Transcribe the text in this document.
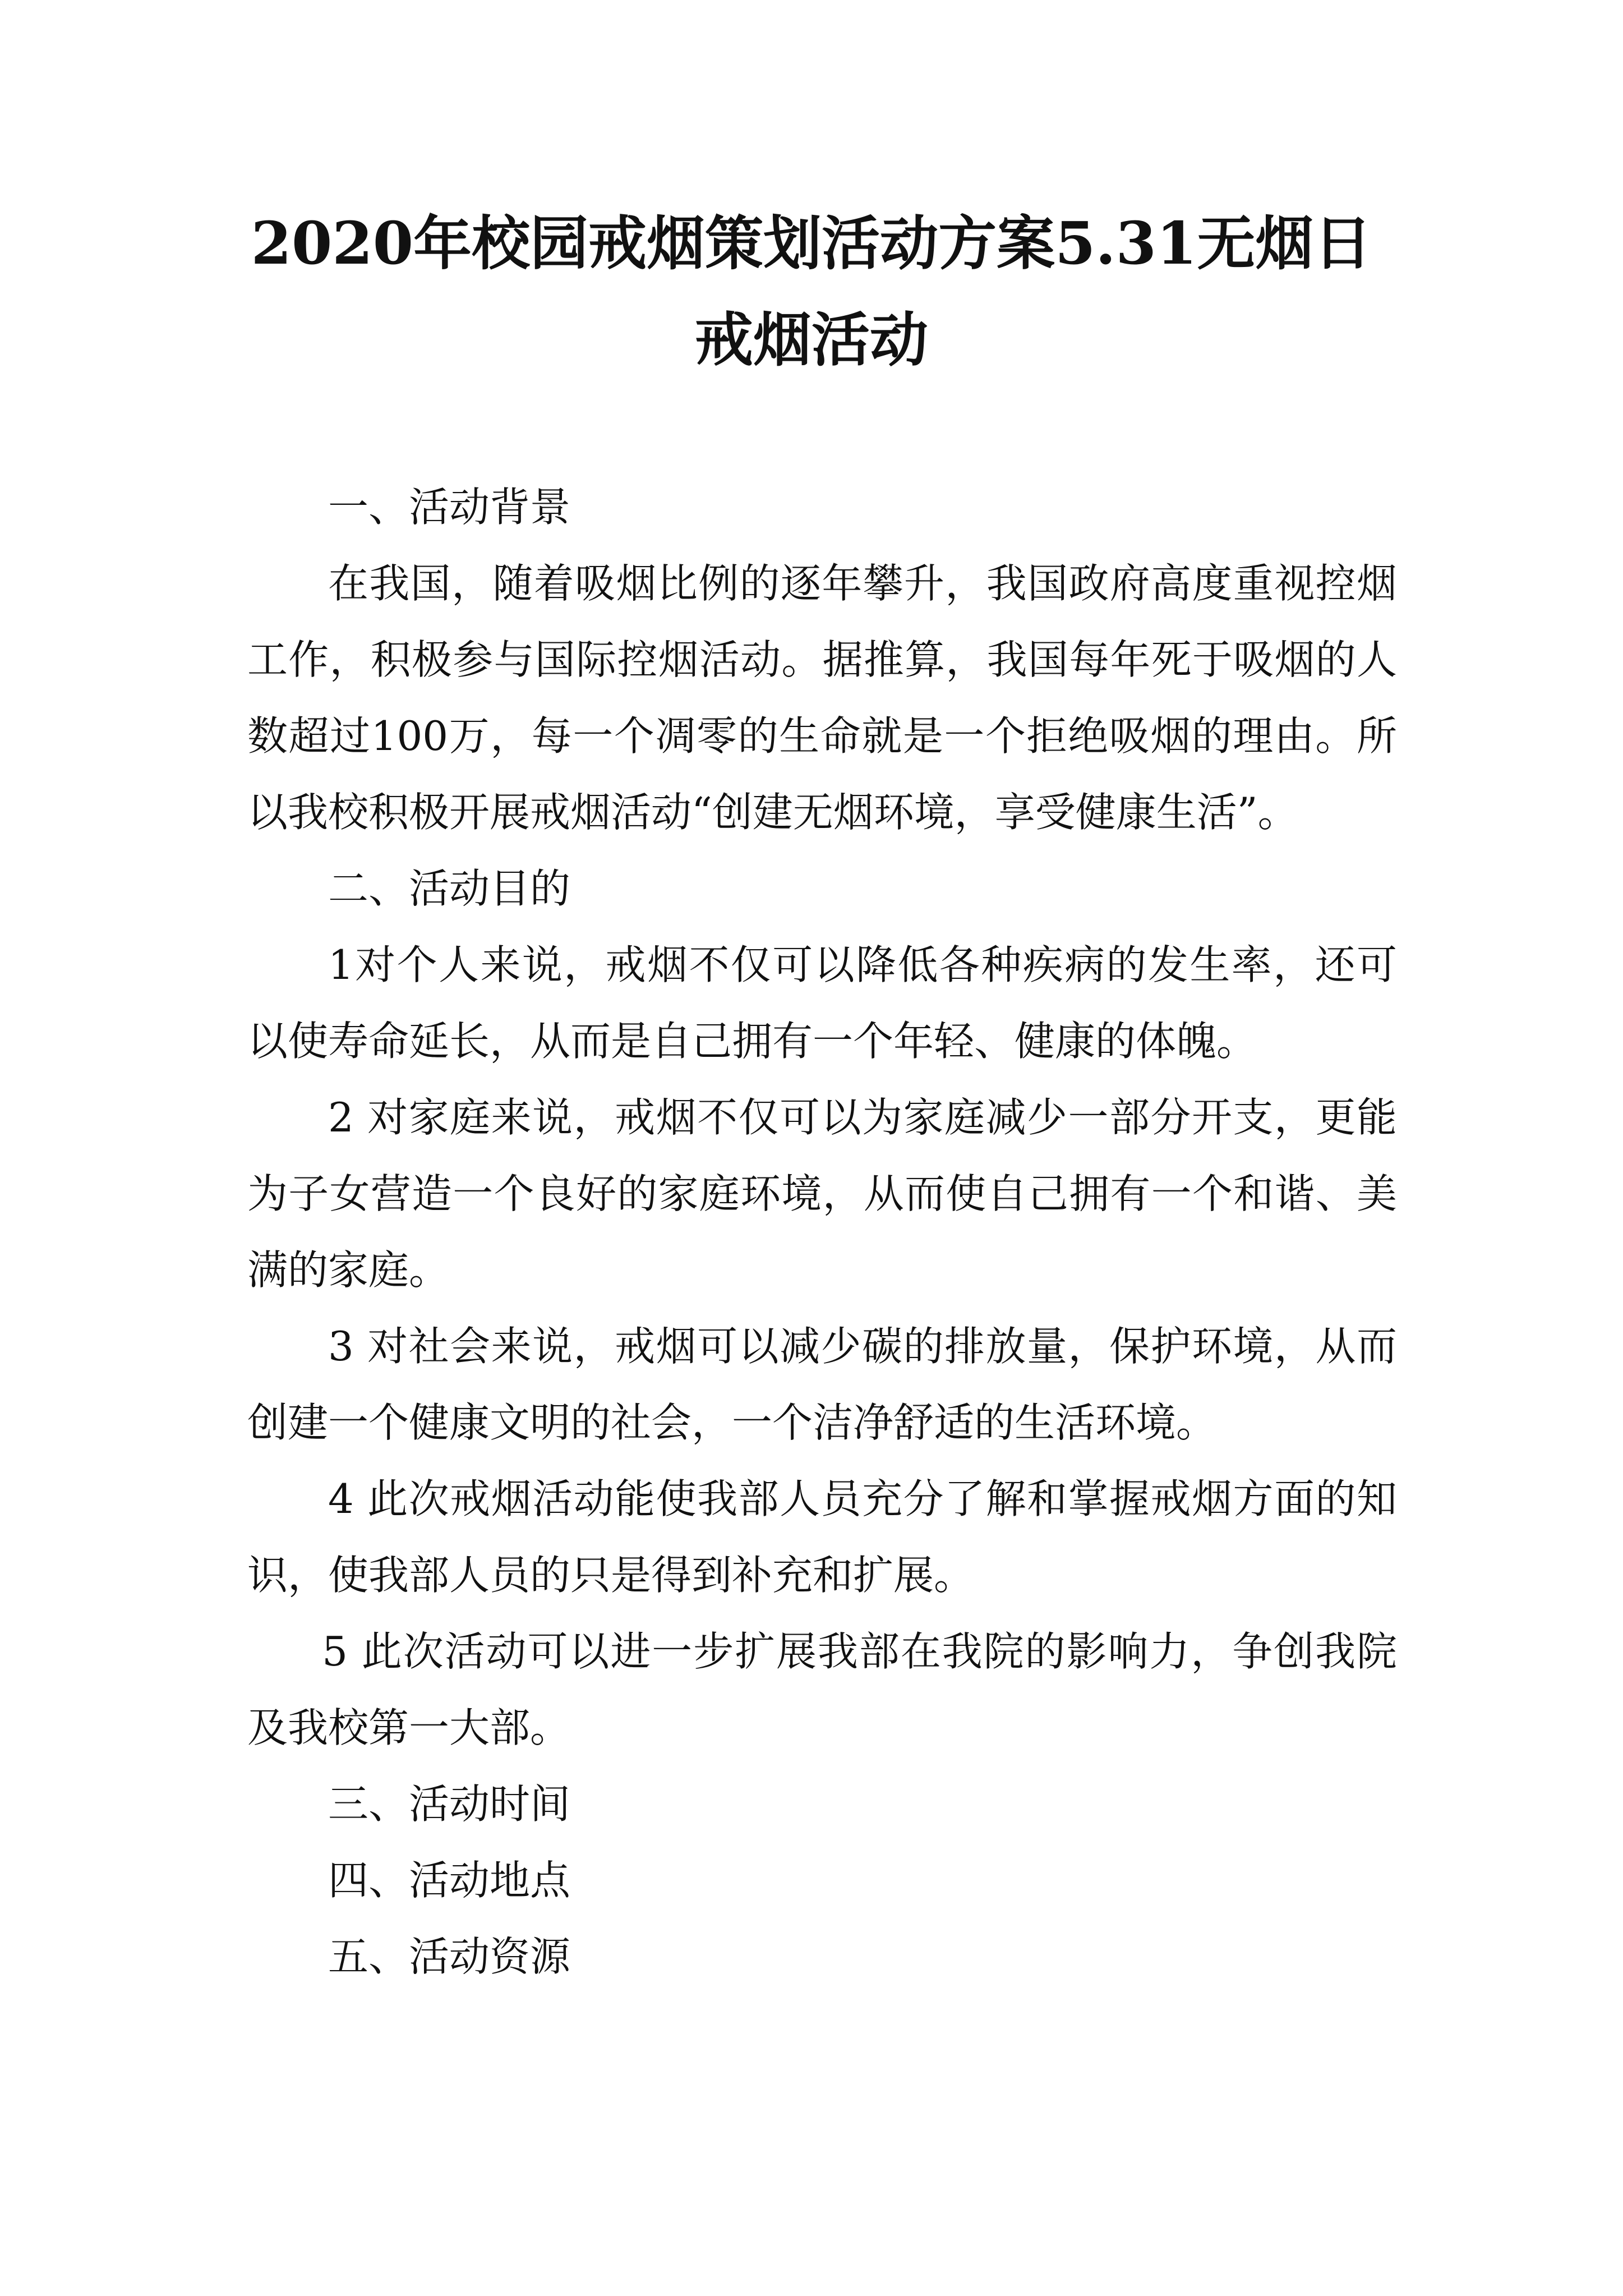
2020年校园戒烟策划活动方案5.31无烟日戒烟活动

一、活动背景

在我国，随着吸烟比例的逐年攀升，我国政府高度重视控烟工作，积极参与国际控烟活动。据推算，我国每年死于吸烟的人数超过100万，每一个凋零的生命就是一个拒绝吸烟的理由。所以我校积极开展戒烟活动“创建无烟环境，享受健康生活”。

二、活动目的

1对个人来说，戒烟不仅可以降低各种疾病的发生率，还可以使寿命延长，从而是自己拥有一个年轻、健康的体魄。

2 对家庭来说，戒烟不仅可以为家庭减少一部分开支，更能为子女营造一个良好的家庭环境，从而使自己拥有一个和谐、美满的家庭。

3 对社会来说，戒烟可以减少碳的排放量，保护环境，从而创建一个健康文明的社会，一个洁净舒适的生活环境。

4 此次戒烟活动能使我部人员充分了解和掌握戒烟方面的知识，使我部人员的只是得到补充和扩展。

5 此次活动可以进一步扩展我部在我院的影响力，争创我院及我校第一大部。

三、活动时间

四、活动地点

五、活动资源
